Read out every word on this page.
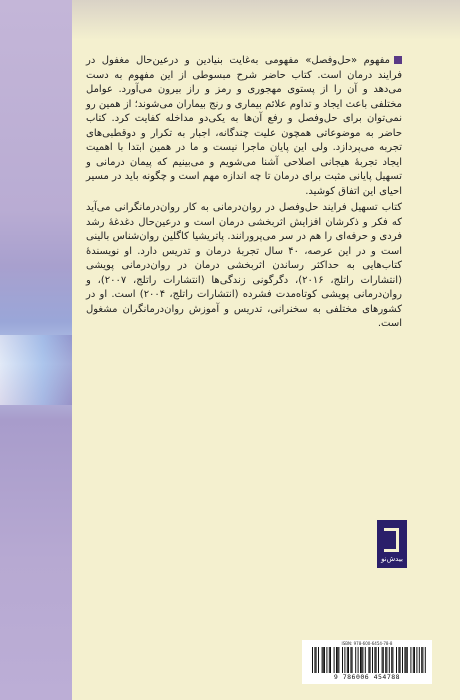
مفهوم «حل‌وفصل» مفهومی به‌غایت بنیادین و درعین‌حال مغفول در فرایند درمان است. کتاب حاضر شرح مبسوطی از این مفهوم به دست می‌دهد و آن را از پستوی مهجوری و رمز و راز بیرون می‌آورد. عوامل مختلفی باعث ایجاد و تداوم علائم بیماری و رنج بیماران می‌شوند؛ از همین رو نمی‌توان برای حل‌وفصل و رفع آن‌ها به یکی‌دو مداخله کفایت کرد. کتاب حاضر به موضوعاتی همچون علیت چندگانه، اجبار به تکرار و دوقطبی‌های تجربه می‌پردازد. ولی این پایان ماجرا نیست و ما در همین ابتدا با اهمیت ایجاد تجربهٔ هیجانی اصلاحی آشنا می‌شویم و می‌بینیم که پیمان درمانی و تسهیل پایانی مثبت برای درمان تا چه اندازه مهم است و چگونه باید در مسیر احیای این اتفاق کوشید.

کتاب تسهیل فرایند حل‌وفصل در روان‌درمانی به کار روان‌درمانگرانی می‌آید که فکر و ذکرشان افزایش اثربخشی درمان است و درعین‌حال دغدغهٔ رشد فردی و حرفه‌ای را هم در سر می‌پرورانند. پاتریشیا کاگلین روان‌شناس بالینی است و در این عرصه، ۴۰ سال تجربهٔ درمان و تدریس دارد. او نویسندهٔ کتاب‌هایی به حداکثر رساندن اثربخشی درمان در روان‌درمانی پویشی (انتشارات راتلج، ۲۰۱۶)، دگرگونی زندگی‌ها (انتشارات راتلج، ۲۰۰۷)، و روان‌درمانی پویشی کوتاه‌مدت فشرده (انتشارات راتلج، ۲۰۰۴) است. او در کشورهای مختلفی به سخنرانی، تدریس و آموزش روان‌درمانگران مشغول است.

بیدش‌نو
ISBN: 978-600-6454-78-8
9 786006 454788
